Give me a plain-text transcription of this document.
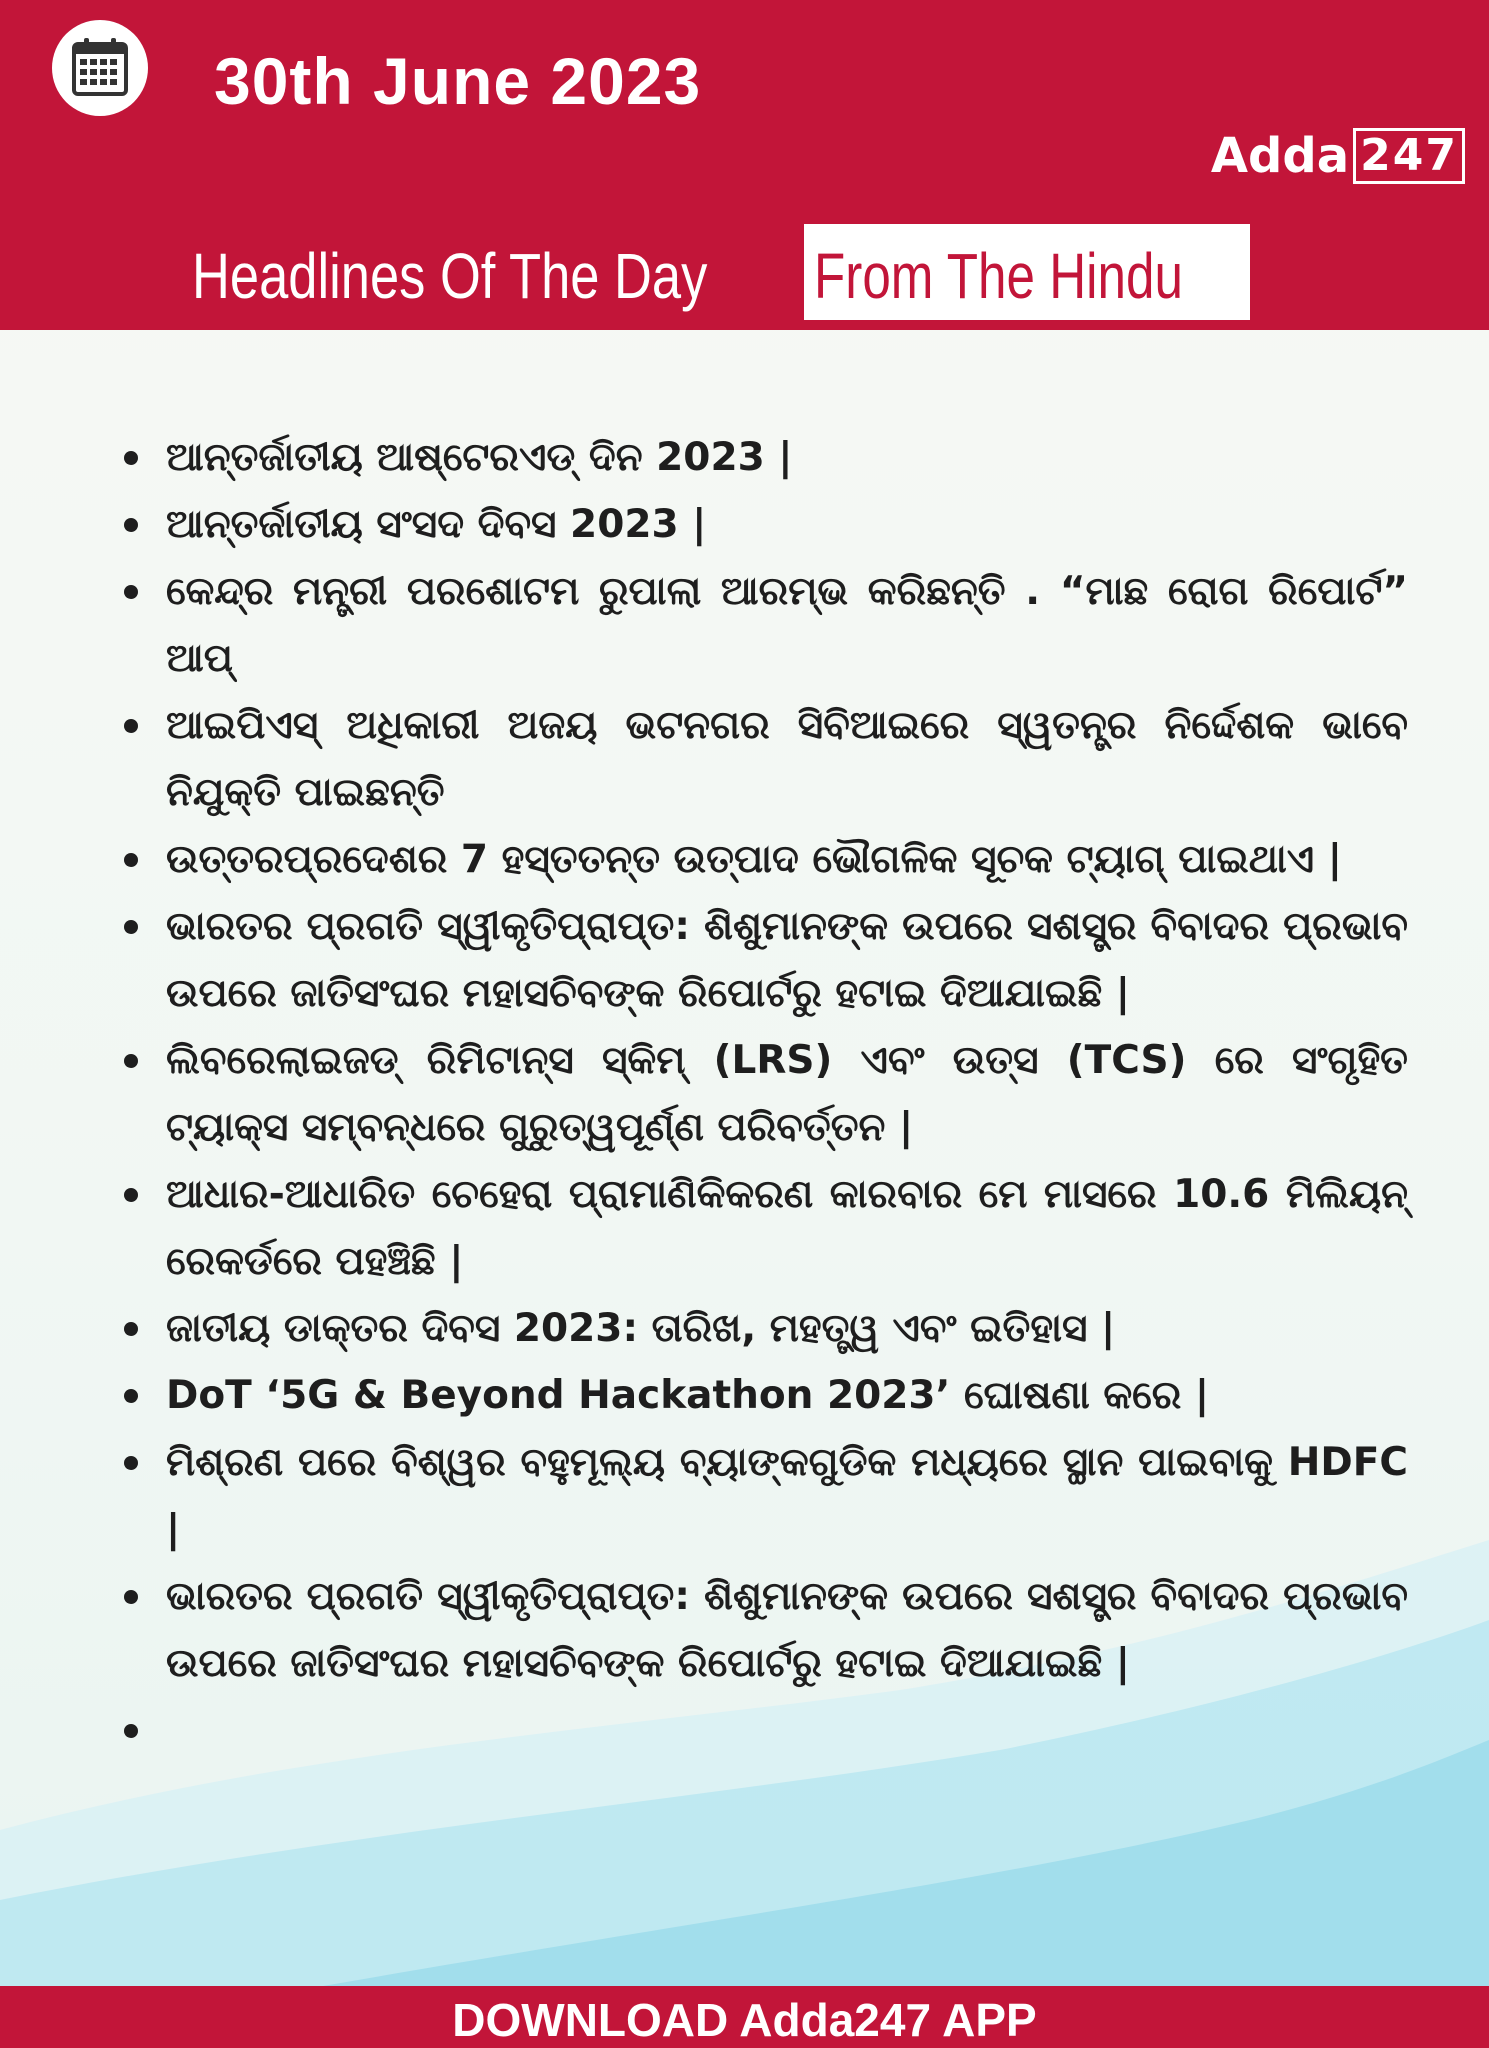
30th June 2023
Adda 247
Headlines Of The Day From The Hindu
ଆନ୍ତର୍ଜାତୀୟ ଆଷ୍ଟେରଏଡ୍ ଦିନ 2023 |
ଆନ୍ତର୍ଜାତୀୟ ସଂସଦ ଦିବସ 2023 |
କେନ୍ଦ୍ର ମନ୍ତ୍ରୀ ପରଶୋଟମ ରୁପାଲା ଆରମ୍ଭ କରିଛନ୍ତି . “ମାଛ ରୋଗ ରିପୋର୍ଟ” ଆପ୍
ଆଇପିଏସ୍ ଅଧିକାରୀ ଅଜୟ ଭଟନଗର ସିବିଆଇରେ ସ୍ୱତନ୍ତ୍ର ନିର୍ଦ୍ଦେଶକ ଭାବେ ନିଯୁକ୍ତି ପାଇଛନ୍ତି
ଉତ୍ତରପ୍ରଦେଶର 7 ହସ୍ତତନ୍ତ ଉତ୍ପାଦ ଭୌଗଳିକ ସୂଚକ ଟ୍ୟାଗ୍ ପାଇଥାଏ |
ଭାରତର ପ୍ରଗତି ସ୍ୱୀକୃତିପ୍ରାପ୍ତ: ଶିଶୁମାନଙ୍କ ଉପରେ ସଶସ୍ତ୍ର ବିବାଦର ପ୍ରଭାବ ଉପରେ ଜାତିସଂଘର ମହାସଚିବଙ୍କ ରିପୋର୍ଟରୁ ହଟାଇ ଦିଆଯାଇଛି |
ଲିବରେଲାଇଜଡ୍ ରିମିଟାନ୍ସ ସ୍କିମ୍ (LRS) ଏବଂ ଉତ୍ସ (TCS) ରେ ସଂଗୃହିତ ଟ୍ୟାକ୍ସ ସମ୍ବନ୍ଧରେ ଗୁରୁତ୍ୱପୂର୍ଣ୍ଣ ପରିବର୍ତ୍ତନ |
ଆଧାର-ଆଧାରିତ ଚେହେରା ପ୍ରାମାଣିକିକରଣ କାରବାର ମେ ମାସରେ 10.6 ମିଲିୟନ୍ ରେକର୍ଡରେ ପହଞ୍ଚିଛି |
ଜାତୀୟ ଡାକ୍ତର ଦିବସ 2023: ତାରିଖ, ମହତ୍ତ୍ୱ ଏବଂ ଇତିହାସ |
DoT ‘5G & Beyond Hackathon 2023’ ଘୋଷଣା କରେ |
ମିଶ୍ରଣ ପରେ ବିଶ୍ୱର ବହୁମୂଲ୍ୟ ବ୍ୟାଙ୍କଗୁଡିକ ମଧ୍ୟରେ ସ୍ଥାନ ପାଇବାକୁ HDFC |
ଭାରତର ପ୍ରଗତି ସ୍ୱୀକୃତିପ୍ରାପ୍ତ: ଶିଶୁମାନଙ୍କ ଉପରେ ସଶସ୍ତ୍ର ବିବାଦର ପ୍ରଭାବ ଉପରେ ଜାତିସଂଘର ମହାସଚିବଙ୍କ ରିପୋର୍ଟରୁ ହଟାଇ ଦିଆଯାଇଛି |
DOWNLOAD Adda247 APP
